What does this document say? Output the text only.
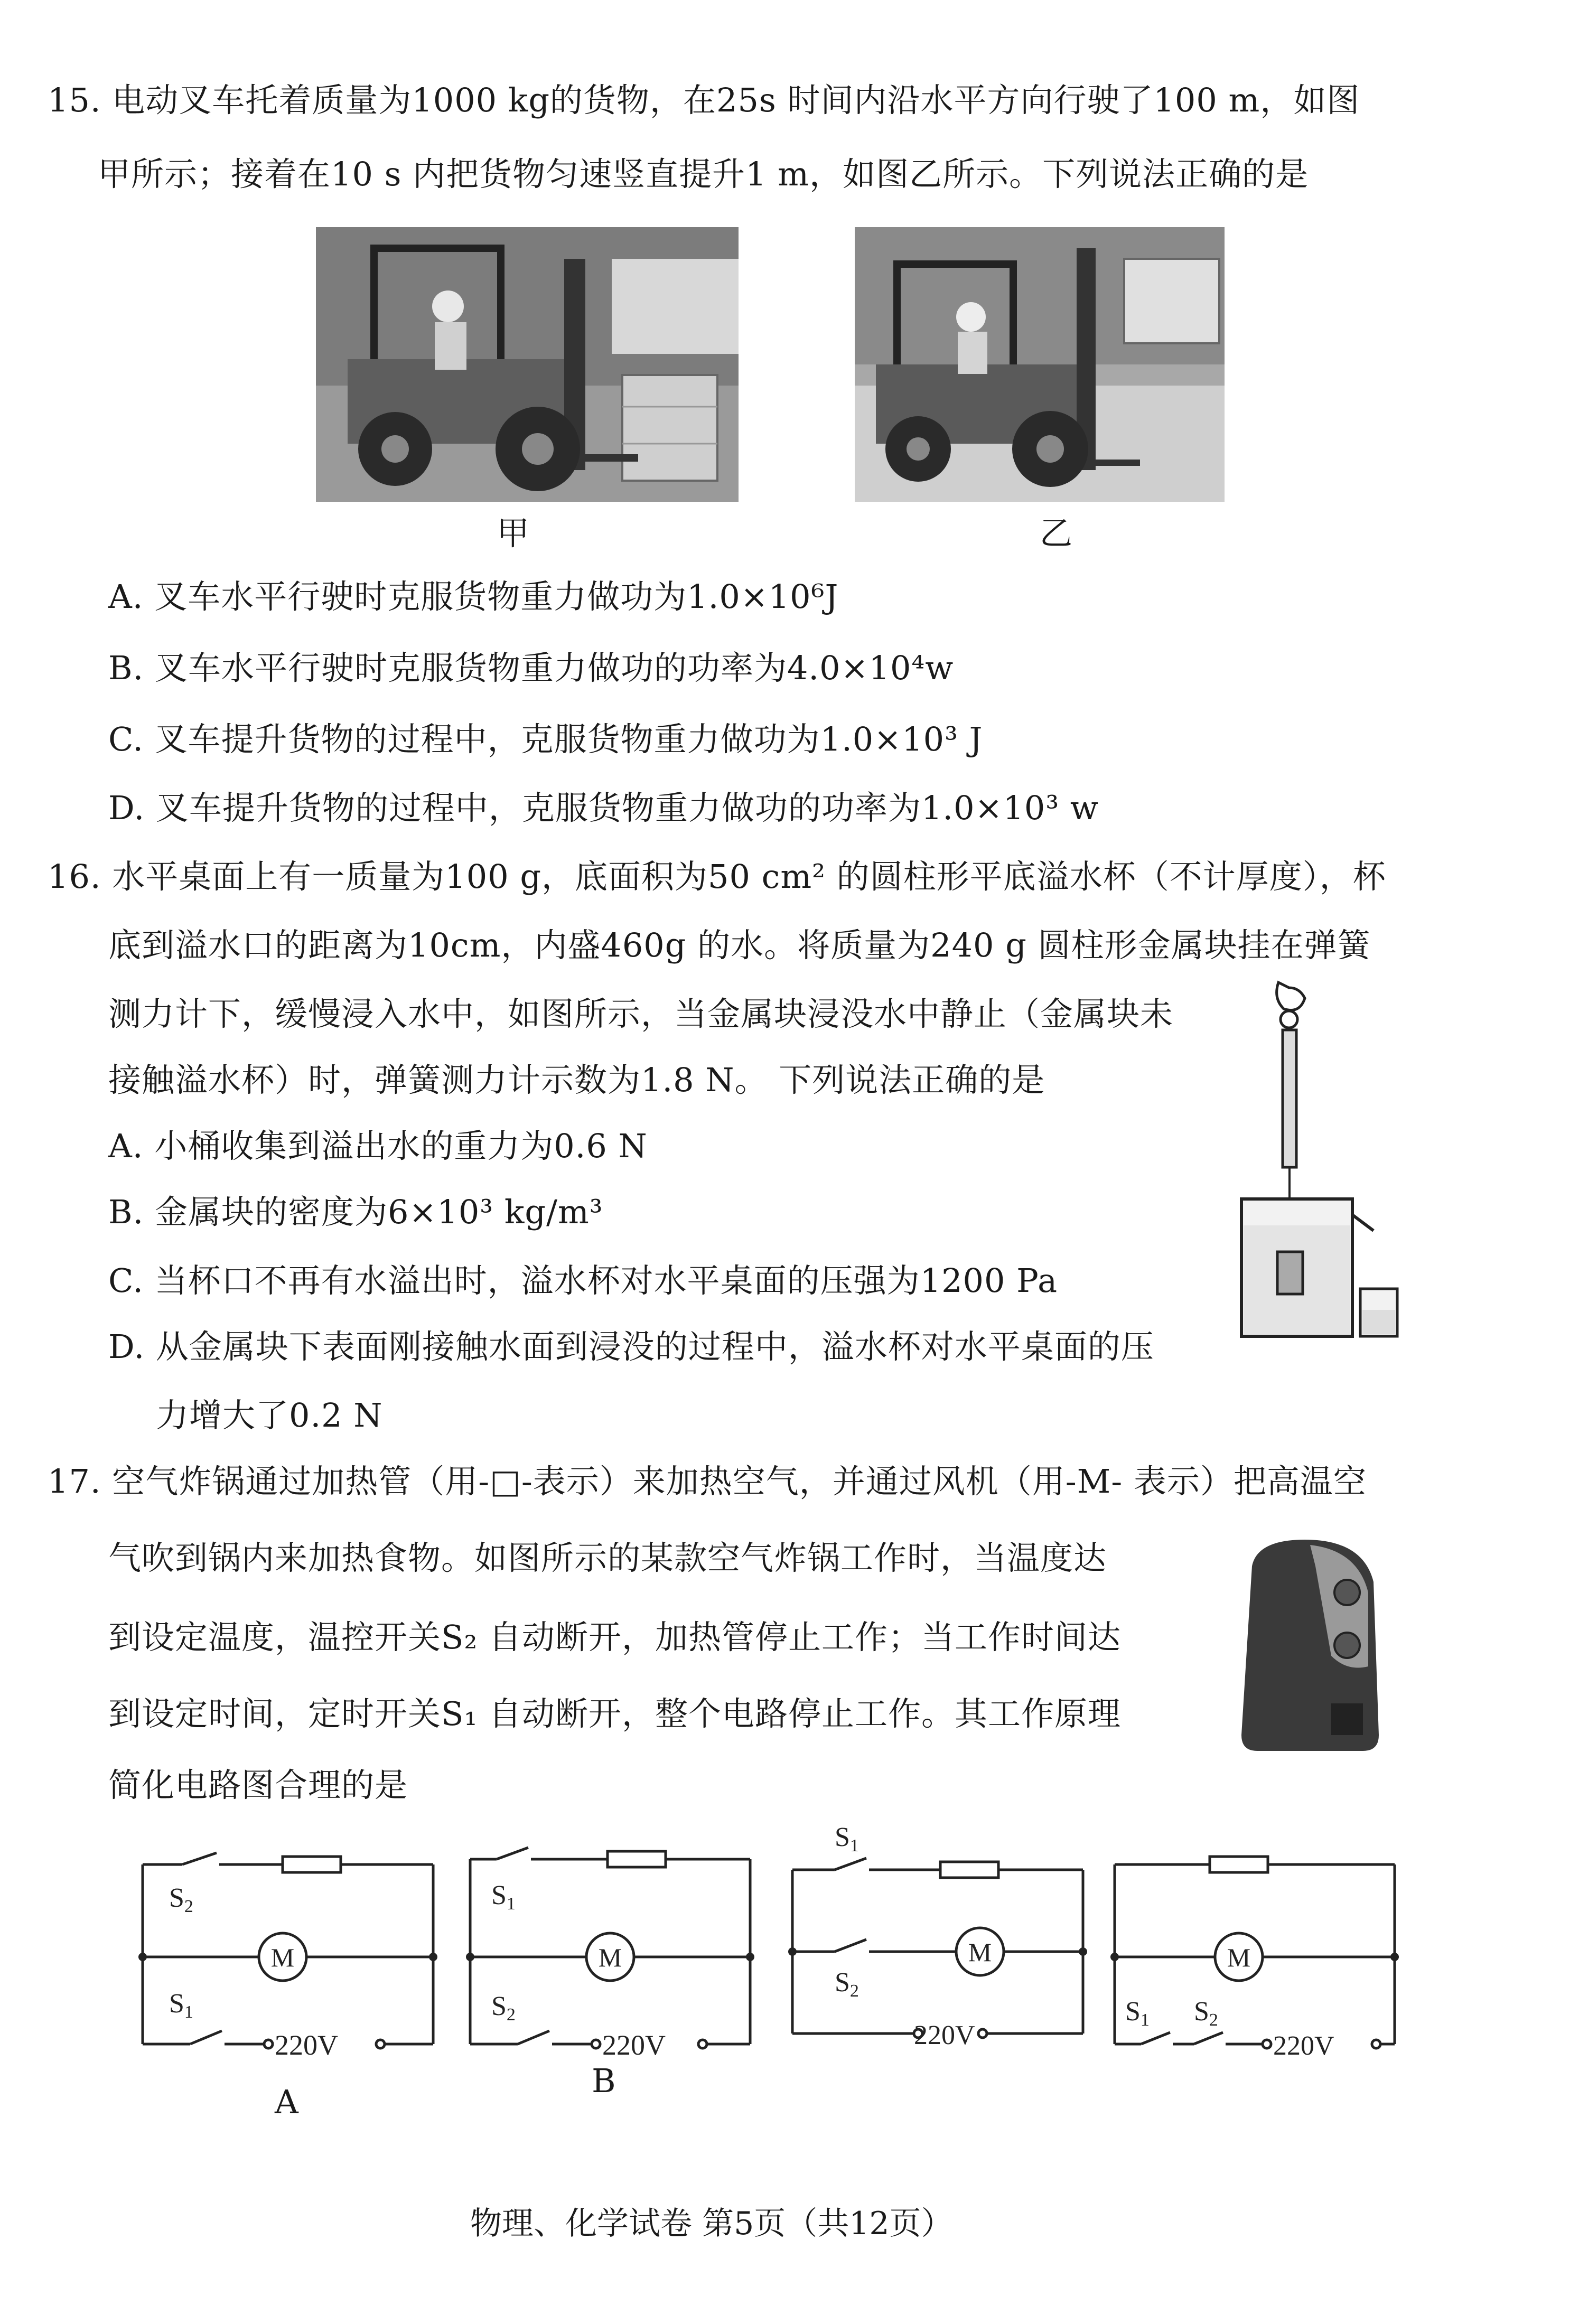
15. 电动叉车托着质量为1000 kg的货物，在25s 时间内沿水平方向行驶了100 m，如图
甲所示；接着在10 s 内把货物匀速竖直提升1 m，如图乙所示。下列说法正确的是
甲	乙
A. 叉车水平行驶时克服货物重力做功为1.0×10⁶J
B. 叉车水平行驶时克服货物重力做功的功率为4.0×10⁴w
C. 叉车提升货物的过程中，克服货物重力做功为1.0×10³ J
D. 叉车提升货物的过程中，克服货物重力做功的功率为1.0×10³ w
16. 水平桌面上有一质量为100 g，底面积为50 cm² 的圆柱形平底溢水杯（不计厚度），杯
底到溢水口的距离为10cm，内盛460g 的水。将质量为240 g 圆柱形金属块挂在弹簧
测力计下，缓慢浸入水中，如图所示，当金属块浸没水中静止（金属块未
接触溢水杯）时，弹簧测力计示数为1.8 N。 下列说法正确的是
A. 小桶收集到溢出水的重力为0.6 N
B. 金属块的密度为6×10³ kg/m³
C. 当杯口不再有水溢出时，溢水杯对水平桌面的压强为1200 Pa
D. 从金属块下表面刚接触水面到浸没的过程中，溢水杯对水平桌面的压
力增大了0.2 N
17. 空气炸锅通过加热管（用-□-表示）来加热空气，并通过风机（用-M- 表示）把高温空
气吹到锅内来加热食物。如图所示的某款空气炸锅工作时，当温度达
到设定温度，温控开关S₂ 自动断开，加热管停止工作；当工作时间达
到设定时间，定时开关S₁ 自动断开，整个电路停止工作。其工作原理
简化电路图合理的是
M
S2
S1
220V
A
M
S1
S2
220V
B
M
S1
S2
220V
M
S1 S2
220V
物理、化学试卷 第5页（共12页）
